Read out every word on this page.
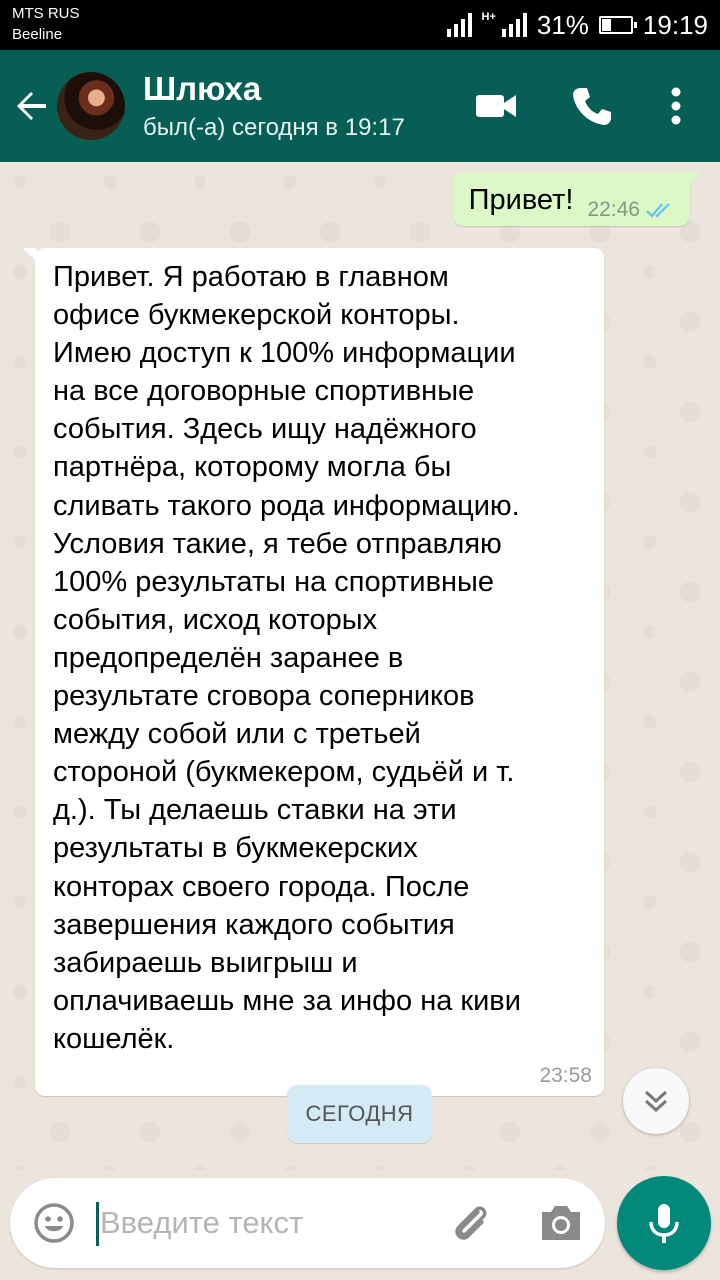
MTS RUS
Beeline
H+ 31% 19:19
Шлюха
был(-а) сегодня в 19:17
Привет! 22:46
Привет. Я работаю в главном
офисе букмекерской конторы.
Имею доступ к 100% информации
на все договорные спортивные
события. Здесь ищу надёжного
партнёра, которому могла бы
сливать такого рода информацию.
Условия такие, я тебе отправляю
100% результаты на спортивные
события, исход которых
предопределён заранее в
результате сговора соперников
между собой или с третьей
стороной (букмекером, судьёй и т.
д.). Ты делаешь ставки на эти
результаты в букмекерских
конторах своего города. После
завершения каждого события
забираешь выигрыш и
оплачиваешь мне за инфо на киви
кошелёк.
23:58
СЕГОДНЯ
Введите текст
